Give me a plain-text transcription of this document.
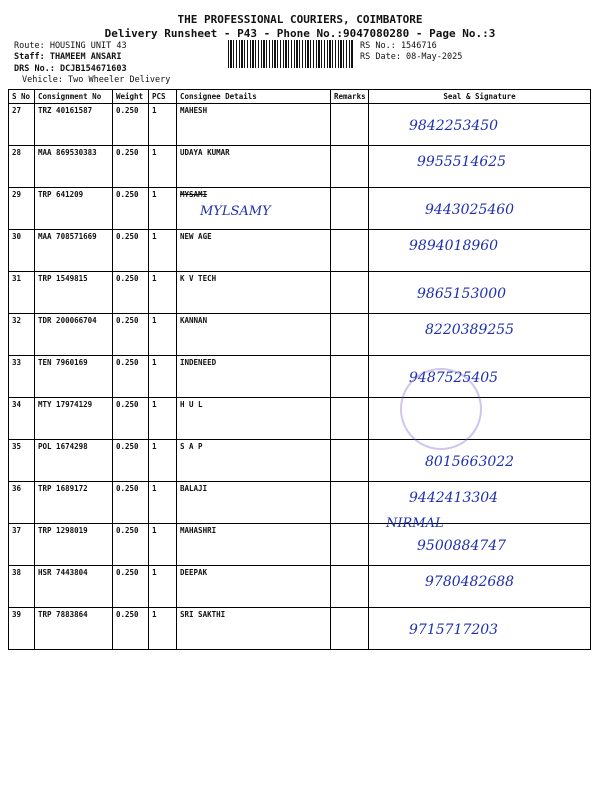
THE PROFESSIONAL COURIERS, COIMBATORE
Delivery Runsheet - P43 - Phone No.:9047080280 - Page No.:3
Route: HOUSING UNIT 43
Staff: THAMEEM ANSARI
DRS No.: DCJB154671603
Vehicle: Two Wheeler Delivery
RS No.: 1546716
RS Date: 08-May-2025
S No	Consignment No	Weight	PCS	Consignee Details	Remarks	Seal & Signature
27	TRZ 40161587	0.250	1	MAHESH		9842253450

28	MAA 869530383	0.250	1	UDAYA KUMAR		9955514625

29	TRP 641209	0.250	1	MYSAMI		9443025460

30	MAA 708571669	0.250	1	NEW AGE		9894018960

31	TRP 1549815	0.250	1	K V TECH		9865153000

32	TDR 200066704	0.250	1	KANNAN		8220389255

33	TEN 7960169	0.250	1	INDENEED		9487525405

34	MTY 17974129	0.250	1	H U L		

35	POL 1674298	0.250	1	S A P		8015663022

36	TRP 1689172	0.250	1	BALAJI		9442413304

37	TRP 1298019	0.250	1	MAHASHRI		9500884747

38	HSR 7443804	0.250	1	DEEPAK		9780482688

39	TRP 7883864	0.250	1	SRI SAKTHI		9715717203
MYLSAMY
NIRMAL
